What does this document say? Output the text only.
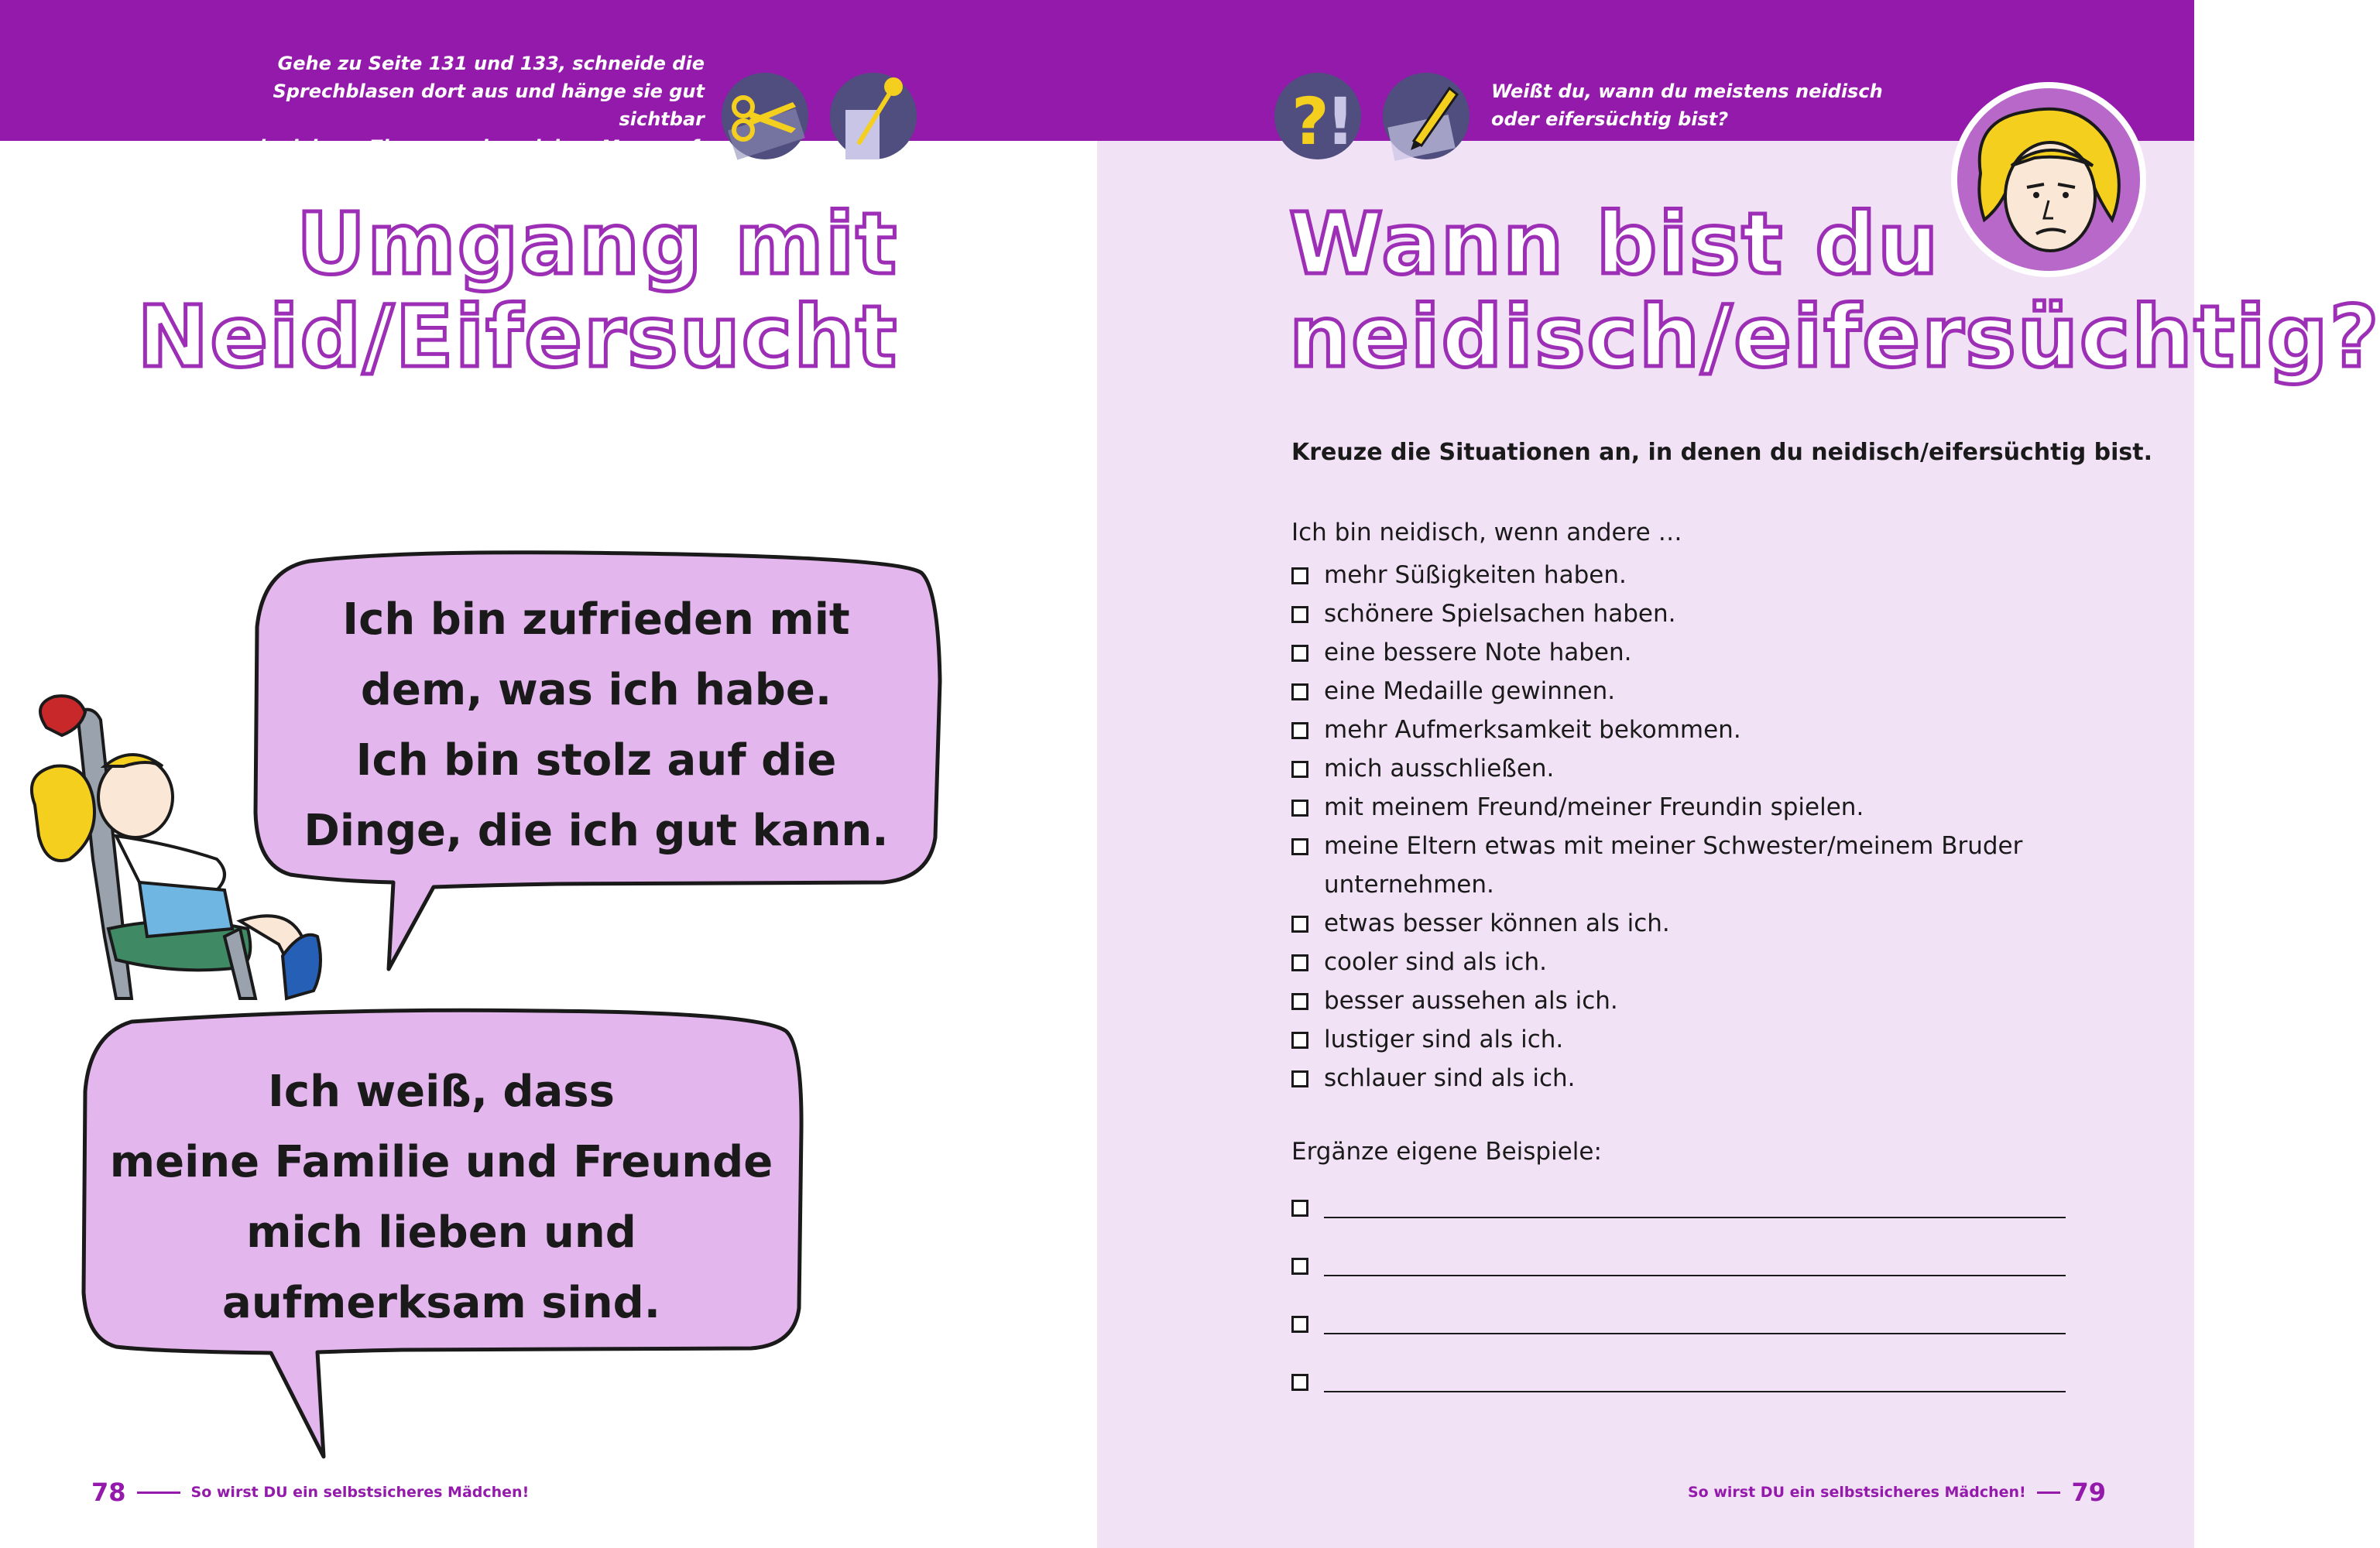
Gehe zu Seite 131 und 133, schneide die
Sprechblasen dort aus und hänge sie gut sichtbar
in deinem Zimmer neben deiner Mona auf.
Umgang mit
Neid/Eifersucht
Ich bin zufrieden mit
dem, was ich habe.
Ich bin stolz auf die
Dinge, die ich gut kann.
Ich weiß, dass
meine Familie und Freunde
mich lieben und
aufmerksam sind.
?
!	Weißt du, wann du meistens neidisch
oder eifersüchtig bist?
Wann bist du
neidisch/eifersüchtig?
Kreuze die Situationen an, in denen du neidisch/eifersüchtig bist.
Ich bin neidisch, wenn andere …
mehr Süßigkeiten haben.
schönere Spielsachen haben.
eine bessere Note haben.
eine Medaille gewinnen.
mehr Aufmerksamkeit bekommen.
mich ausschließen.
mit meinem Freund/meiner Freundin spielen.
meine Eltern etwas mit meiner Schwester/meinem Bruder
unternehmen.
etwas besser können als ich.
cooler sind als ich.
besser aussehen als ich.
lustiger sind als ich.
schlauer sind als ich.
Ergänze eigene Beispiele:
78	So wirst DU ein selbstsicheres Mädchen!	So wirst DU ein selbstsicheres Mädchen! 79
